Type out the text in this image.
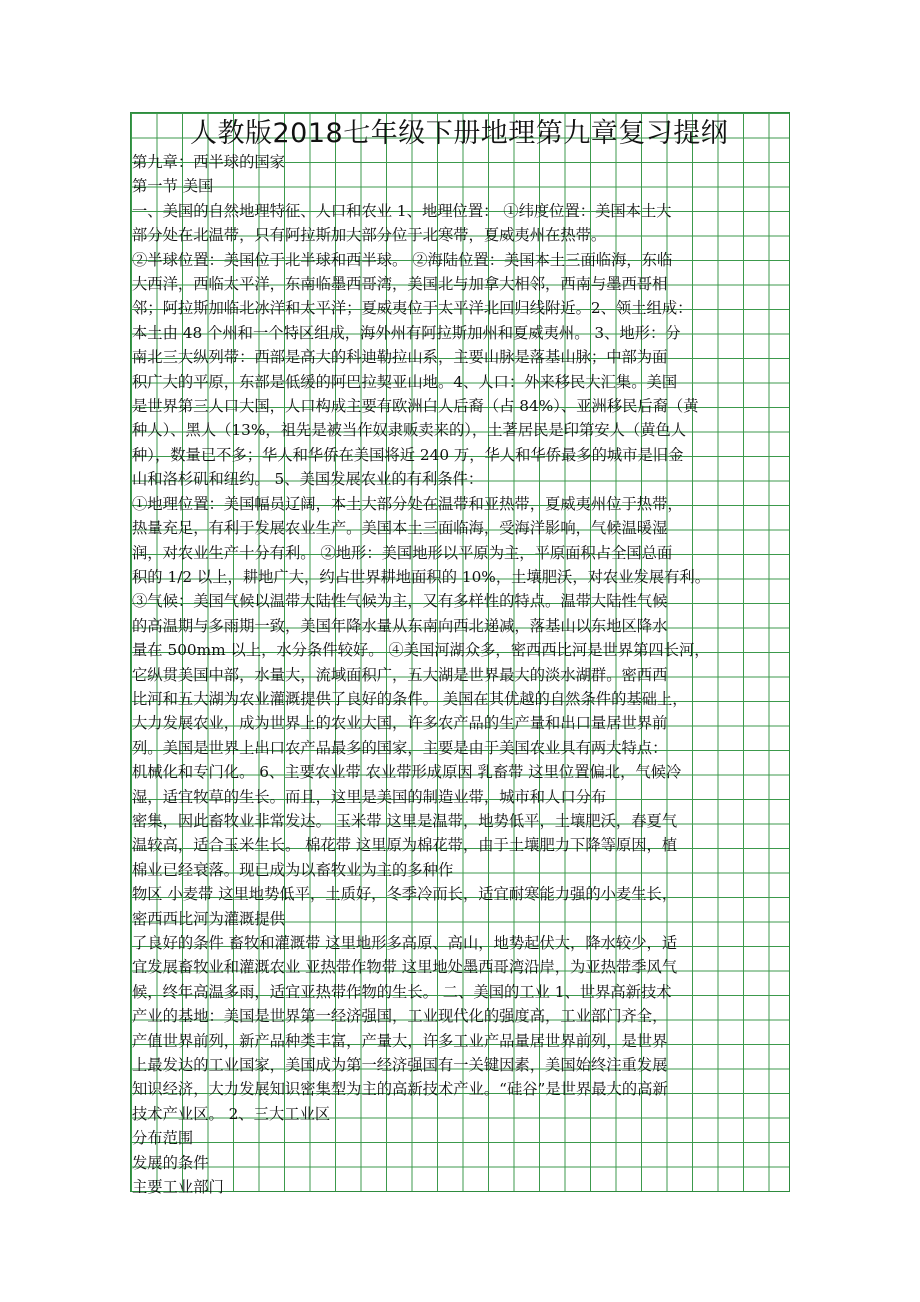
人教版2018七年级下册地理第九章复习提纲
第九章：西半球的国家
第一节 美国
一、美国的自然地理特征、人口和农业 1、地理位置： ①纬度位置：美国本土大
部分处在北温带，只有阿拉斯加大部分位于北寒带，夏威夷州在热带。
②半球位置：美国位于北半球和西半球。 ②海陆位置：美国本土三面临海，东临
大西洋，西临太平洋，东南临墨西哥湾，美国北与加拿大相邻，西南与墨西哥相
邻；阿拉斯加临北冰洋和太平洋；夏威夷位于太平洋北回归线附近。2、领土组成：
本土由 48 个州和一个特区组成，海外州有阿拉斯加州和夏威夷州。 3、地形：分
南北三大纵列带：西部是高大的科迪勒拉山系，主要山脉是落基山脉；中部为面
积广大的平原，东部是低缓的阿巴拉契亚山地。4、人口：外来移民大汇集。美国
是世界第三人口大国，人口构成主要有欧洲白人后裔（占 84%）、亚洲移民后裔（黄
种人）、黑人（13%，祖先是被当作奴隶贩卖来的），土著居民是印第安人（黄色人
种），数量已不多；华人和华侨在美国将近 240 万，华人和华侨最多的城市是旧金
山和洛杉矶和纽约。 5、美国发展农业的有利条件：
①地理位置：美国幅员辽阔，本土大部分处在温带和亚热带，夏威夷州位于热带，
热量充足，有利于发展农业生产。美国本土三面临海，受海洋影响，气候温暖湿
润，对农业生产十分有利。 ②地形：美国地形以平原为主，平原面积占全国总面
积的 1/2 以上，耕地广大，约占世界耕地面积的 10%，土壤肥沃，对农业发展有利。
③气候：美国气候以温带大陆性气候为主，又有多样性的特点。温带大陆性气候
的高温期与多雨期一致，美国年降水量从东南向西北递减，落基山以东地区降水
量在 500mm 以上，水分条件较好。 ④美国河湖众多，密西西比河是世界第四长河，
它纵贯美国中部，水量大，流域面积广，五大湖是世界最大的淡水湖群。密西西
比河和五大湖为农业灌溉提供了良好的条件。 美国在其优越的自然条件的基础上，
大力发展农业，成为世界上的农业大国，许多农产品的生产量和出口量居世界前
列。美国是世界上出口农产品最多的国家，主要是由于美国农业具有两大特点：
机械化和专门化。 6、主要农业带 农业带形成原因 乳畜带 这里位置偏北，气候冷
湿，适宜牧草的生长。而且，这里是美国的制造业带，城市和人口分布
密集，因此畜牧业非常发达。 玉米带 这里是温带，地势低平，土壤肥沃，春夏气
温较高，适合玉米生长。 棉花带 这里原为棉花带，由于土壤肥力下降等原因，植
棉业已经衰落。现已成为以畜牧业为主的多种作
物区 小麦带 这里地势低平，土质好，冬季冷而长，适宜耐寒能力强的小麦生长，
密西西比河为灌溉提供
了良好的条件 畜牧和灌溉带 这里地形多高原、高山，地势起伏大，降水较少，适
宜发展畜牧业和灌溉农业 亚热带作物带 这里地处墨西哥湾沿岸，为亚热带季风气
候，终年高温多雨，适宜亚热带作物的生长。 二、美国的工业 1、世界高新技术
产业的基地：美国是世界第一经济强国，工业现代化的强度高，工业部门齐全，
产值世界前列，新产品种类丰富，产量大，许多工业产品量居世界前列，是世界
上最发达的工业国家，美国成为第一经济强国有一关键因素，美国始终注重发展
知识经济，大力发展知识密集型为主的高新技术产业。“硅谷”是世界最大的高新
技术产业区。 2、三大工业区
分布范围
发展的条件
主要工业部门
